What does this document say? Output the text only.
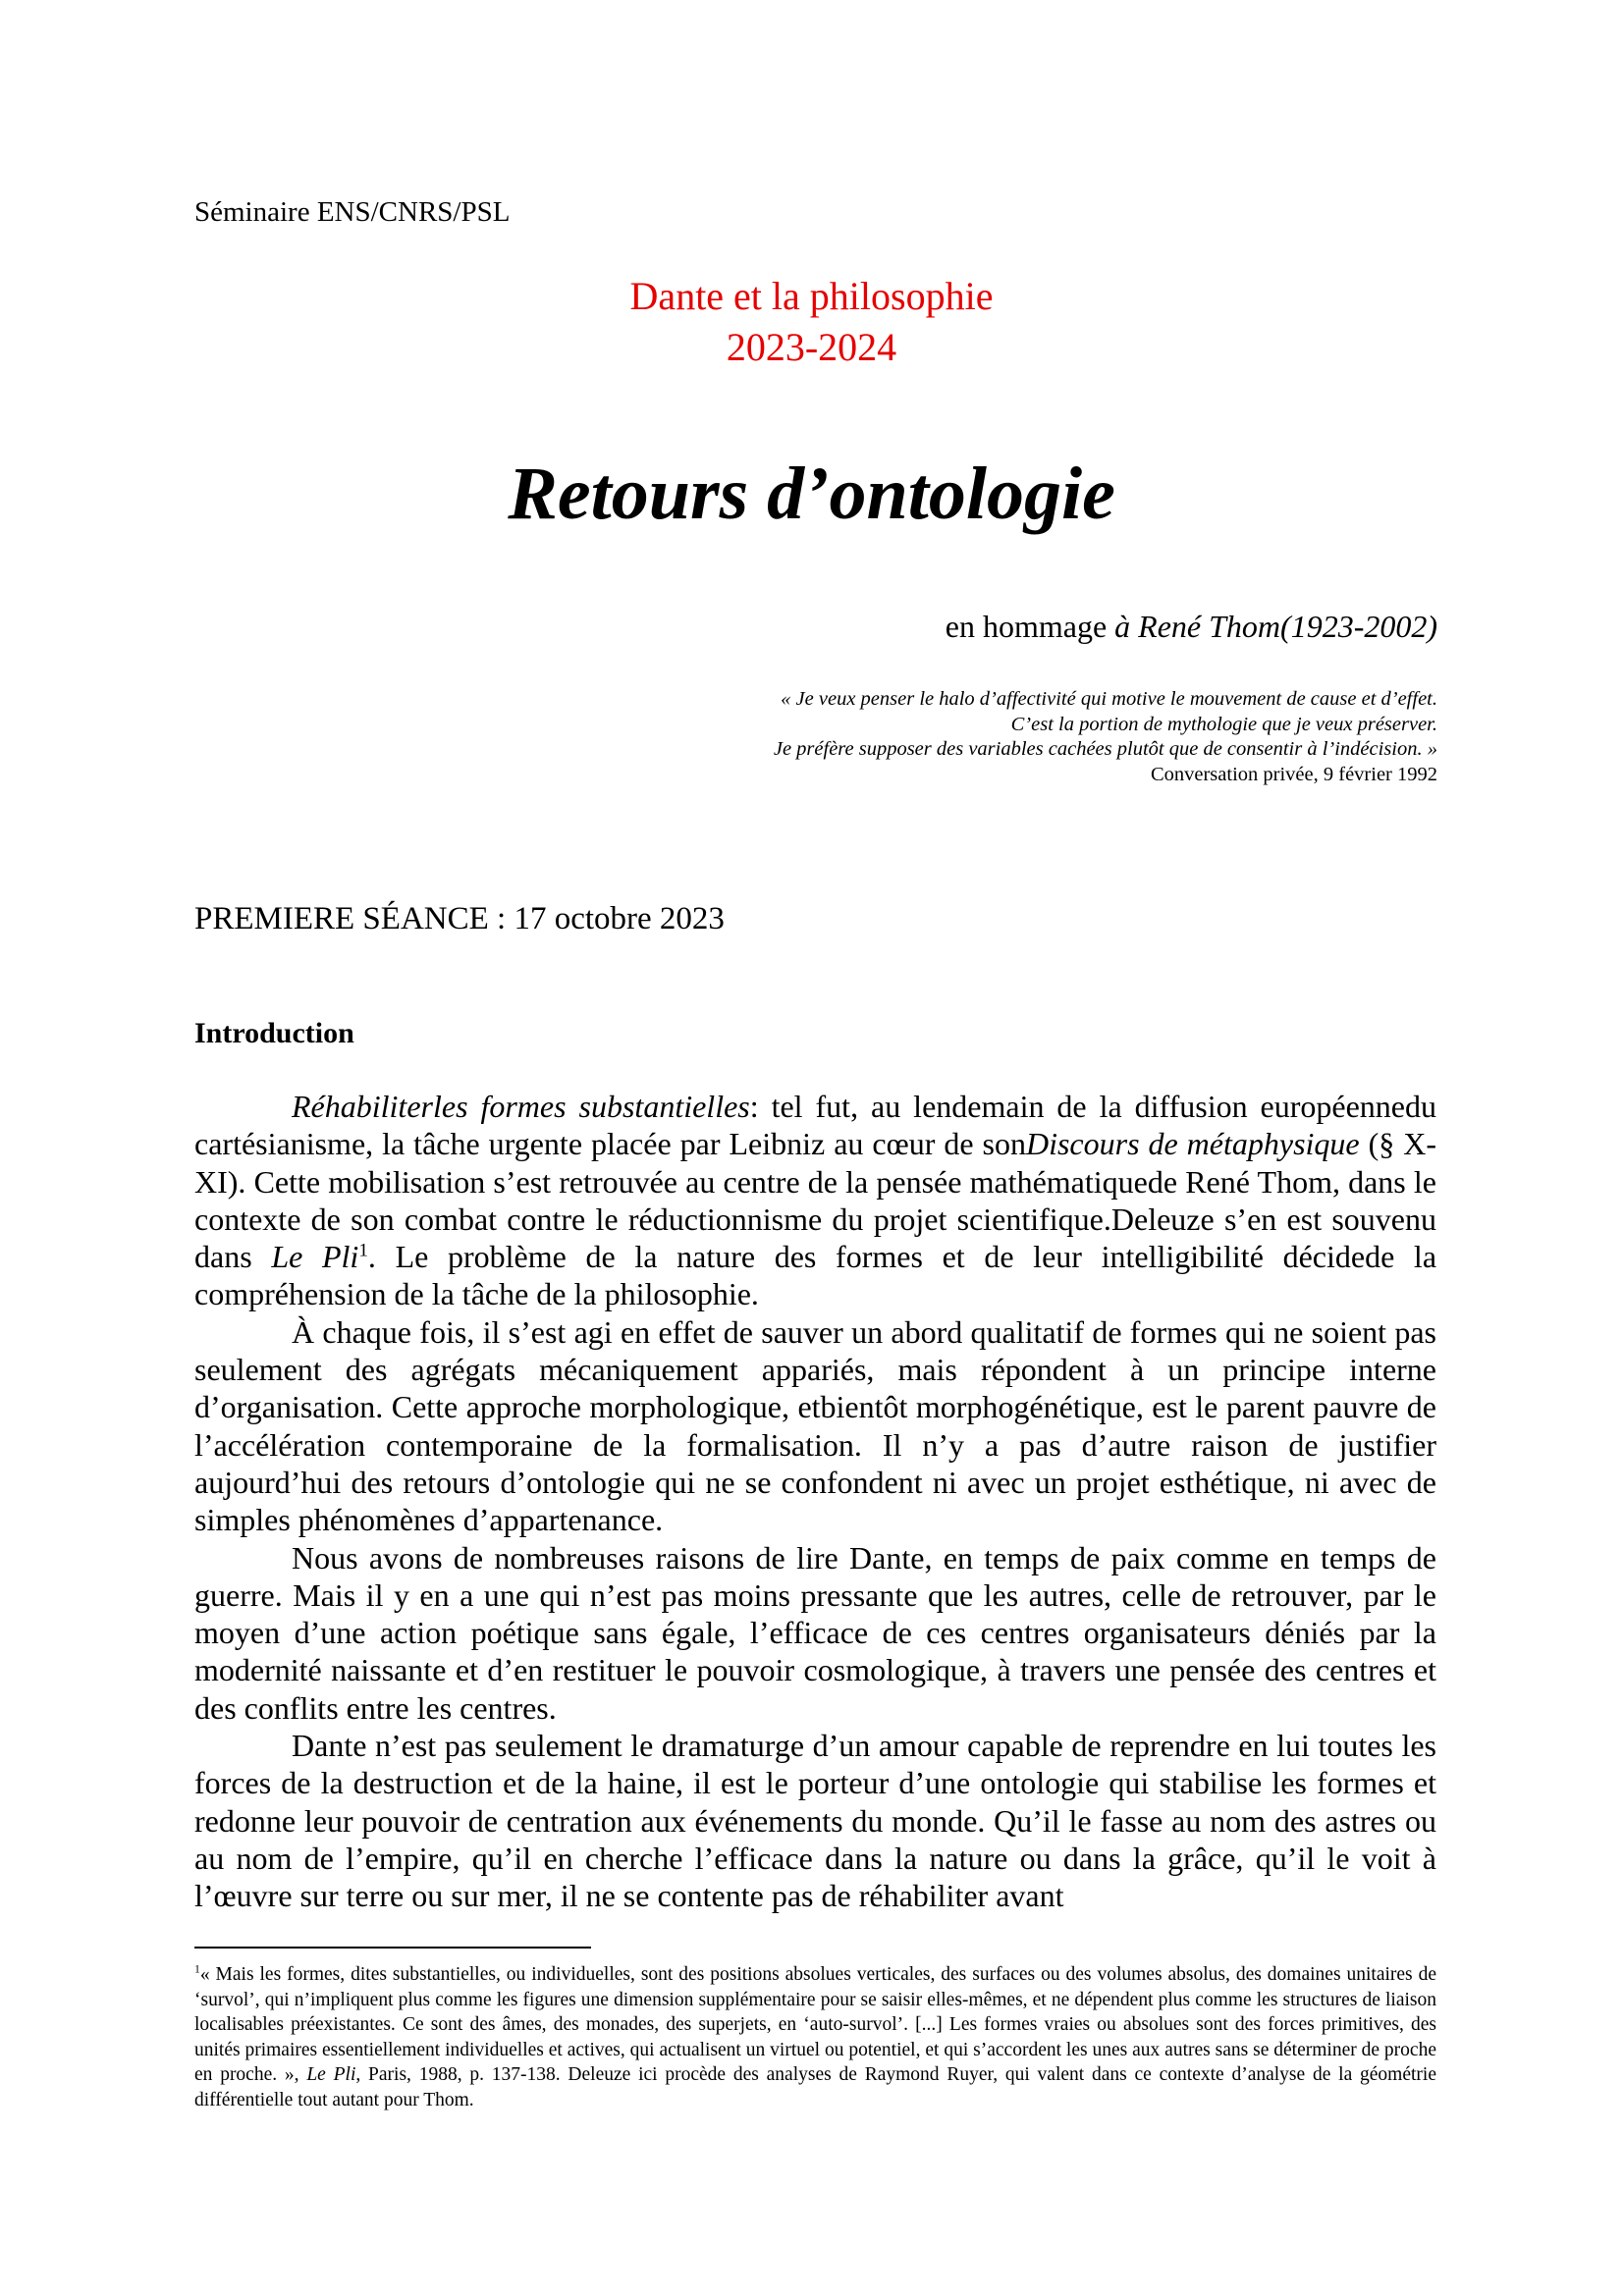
Séminaire ENS/CNRS/PSL
Dante et la philosophie
2023-2024
Retours d’ontologie
en hommage à René Thom(1923-2002)
« Je veux penser le halo d’affectivité qui motive le mouvement de cause et d’effet.
C’est la portion de mythologie que je veux préserver.
Je préfère supposer des variables cachées plutôt que de consentir à l’indécision. »
Conversation privée, 9 février 1992
PREMIERE SÉANCE : 17 octobre 2023
Introduction

Réhabiliterles formes substantielles: tel fut, au lendemain de la diffusion européennedu cartésianisme, la tâche urgente placée par Leibniz au cœur de sonDiscours de métaphysique (§ X-XI). Cette mobilisation s’est retrouvée au centre de la pensée mathématiquede René Thom, dans le contexte de son combat contre le réductionnisme du projet scientifique.Deleuze s’en est souvenu dans Le Pli$^1$. Le problème de la nature des formes et de leur intelligibilité décidede la compréhension de la tâche de la philosophie.

À chaque fois, il s’est agi en effet de sauver un abord qualitatif de formes qui ne soient pas seulement des agrégats mécaniquement appariés, mais répondent à un principe interne d’organisation. Cette approche morphologique, etbientôt morphogénétique, est le parent pauvre de l’accélération contemporaine de la formalisation. Il n’y a pas d’autre raison de justifier aujourd’hui des retours d’ontologie qui ne se confondent ni avec un projet esthétique, ni avec de simples phénomènes d’appartenance.

Nous avons de nombreuses raisons de lire Dante, en temps de paix comme en temps de guerre. Mais il y en a une qui n’est pas moins pressante que les autres, celle de retrouver, par le moyen d’une action poétique sans égale, l’efficace de ces centres organisateurs déniés par la modernité naissante et d’en restituer le pouvoir cosmologique, à travers une pensée des centres et des conflits entre les centres.

Dante n’est pas seulement le dramaturge d’un amour capable de reprendre en lui toutes les forces de la destruction et de la haine, il est le porteur d’une ontologie qui stabilise les formes et redonne leur pouvoir de centration aux événements du monde. Qu’il le fasse au nom des astres ou au nom de l’empire, qu’il en cherche l’efficace dans la nature ou dans la grâce, qu’il le voit à l’œuvre sur terre ou sur mer, il ne se contente pas de réhabiliter avant

$^1$« Mais les formes, dites substantielles, ou individuelles, sont des positions absolues verticales, des surfaces ou des volumes absolus, des domaines unitaires de ‘survol’, qui n’impliquent plus comme les figures une dimension supplémentaire pour se saisir elles-mêmes, et ne dépendent plus comme les structures de liaison localisables préexistantes. Ce sont des âmes, des monades, des superjets, en ‘auto-survol’. [...] Les formes vraies ou absolues sont des forces primitives, des unités primaires essentiellement individuelles et actives, qui actualisent un virtuel ou potentiel, et qui s’accordent les unes aux autres sans se déterminer de proche en proche. », Le Pli, Paris, 1988, p. 137-138. Deleuze ici procède des analyses de Raymond Ruyer, qui valent dans ce contexte d’analyse de la géométrie différentielle tout autant pour Thom.
